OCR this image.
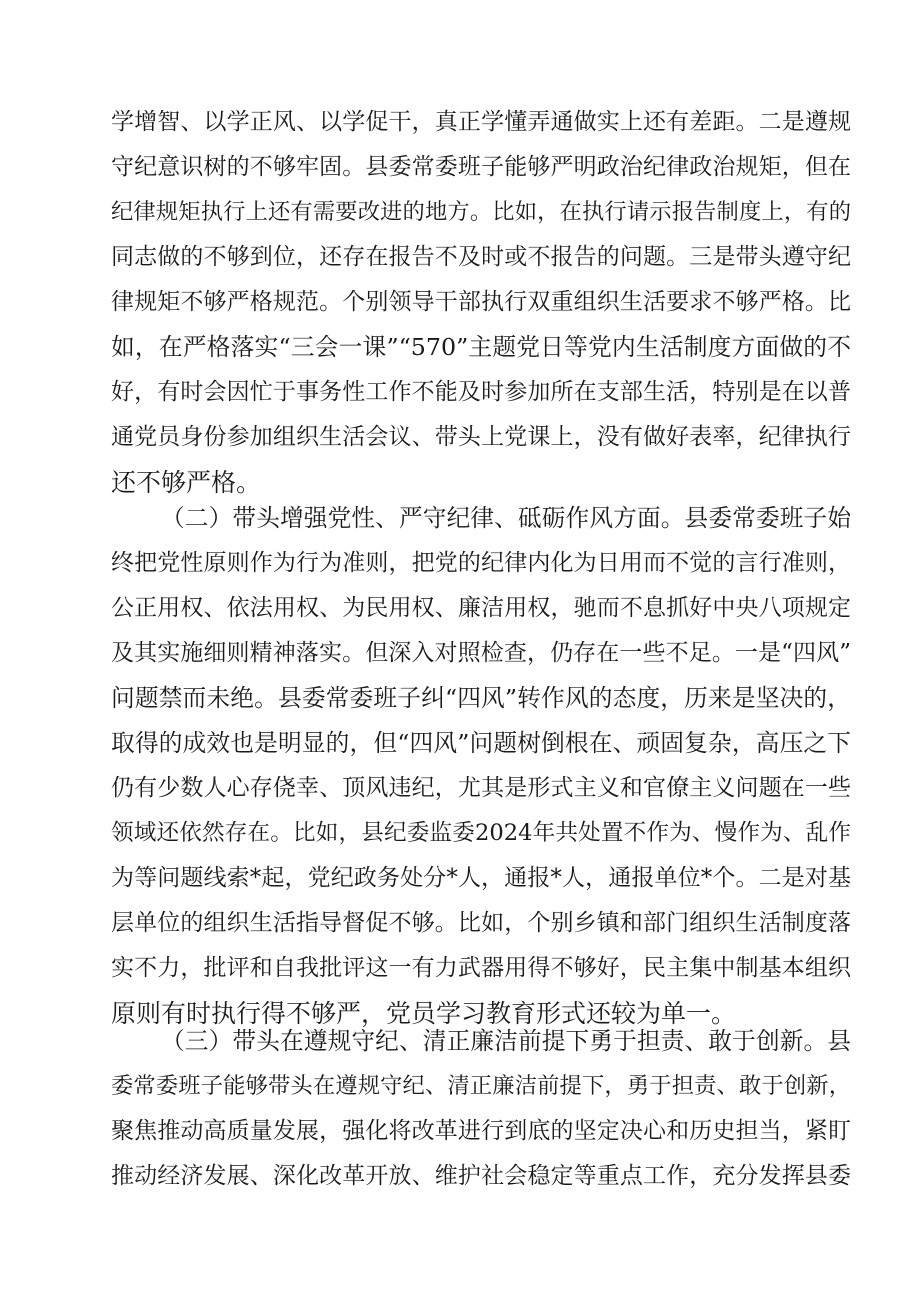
学增智、以学正风、以学促干，真正学懂弄通做实上还有差距。二是遵规
守纪意识树的不够牢固。县委常委班子能够严明政治纪律政治规矩，但在
纪律规矩执行上还有需要改进的地方。比如，在执行请示报告制度上，有的
同志做的不够到位，还存在报告不及时或不报告的问题。三是带头遵守纪
律规矩不够严格规范。个别领导干部执行双重组织生活要求不够严格。比
如，在严格落实“三会一课”“570”主题党日等党内生活制度方面做的不
好，有时会因忙于事务性工作不能及时参加所在支部生活，特别是在以普
通党员身份参加组织生活会议、带头上党课上，没有做好表率，纪律执行
还不够严格。
（二）带头增强党性、严守纪律、砥砺作风方面。县委常委班子始
终把党性原则作为行为准则，把党的纪律内化为日用而不觉的言行准则，
公正用权、依法用权、为民用权、廉洁用权，驰而不息抓好中央八项规定
及其实施细则精神落实。但深入对照检查，仍存在一些不足。一是“四风”
问题禁而未绝。县委常委班子纠“四风”转作风的态度，历来是坚决的，
取得的成效也是明显的，但“四风”问题树倒根在、顽固复杂，高压之下
仍有少数人心存侥幸、顶风违纪，尤其是形式主义和官僚主义问题在一些
领域还依然存在。比如，县纪委监委2024年共处置不作为、慢作为、乱作
为等问题线索*起，党纪政务处分*人，通报*人，通报单位*个。二是对基
层单位的组织生活指导督促不够。比如，个别乡镇和部门组织生活制度落
实不力，批评和自我批评这一有力武器用得不够好，民主集中制基本组织
原则有时执行得不够严，党员学习教育形式还较为单一。
（三）带头在遵规守纪、清正廉洁前提下勇于担责、敢于创新。县
委常委班子能够带头在遵规守纪、清正廉洁前提下，勇于担责、敢于创新，
聚焦推动高质量发展，强化将改革进行到底的坚定决心和历史担当，紧盯
推动经济发展、深化改革开放、维护社会稳定等重点工作，充分发挥县委
